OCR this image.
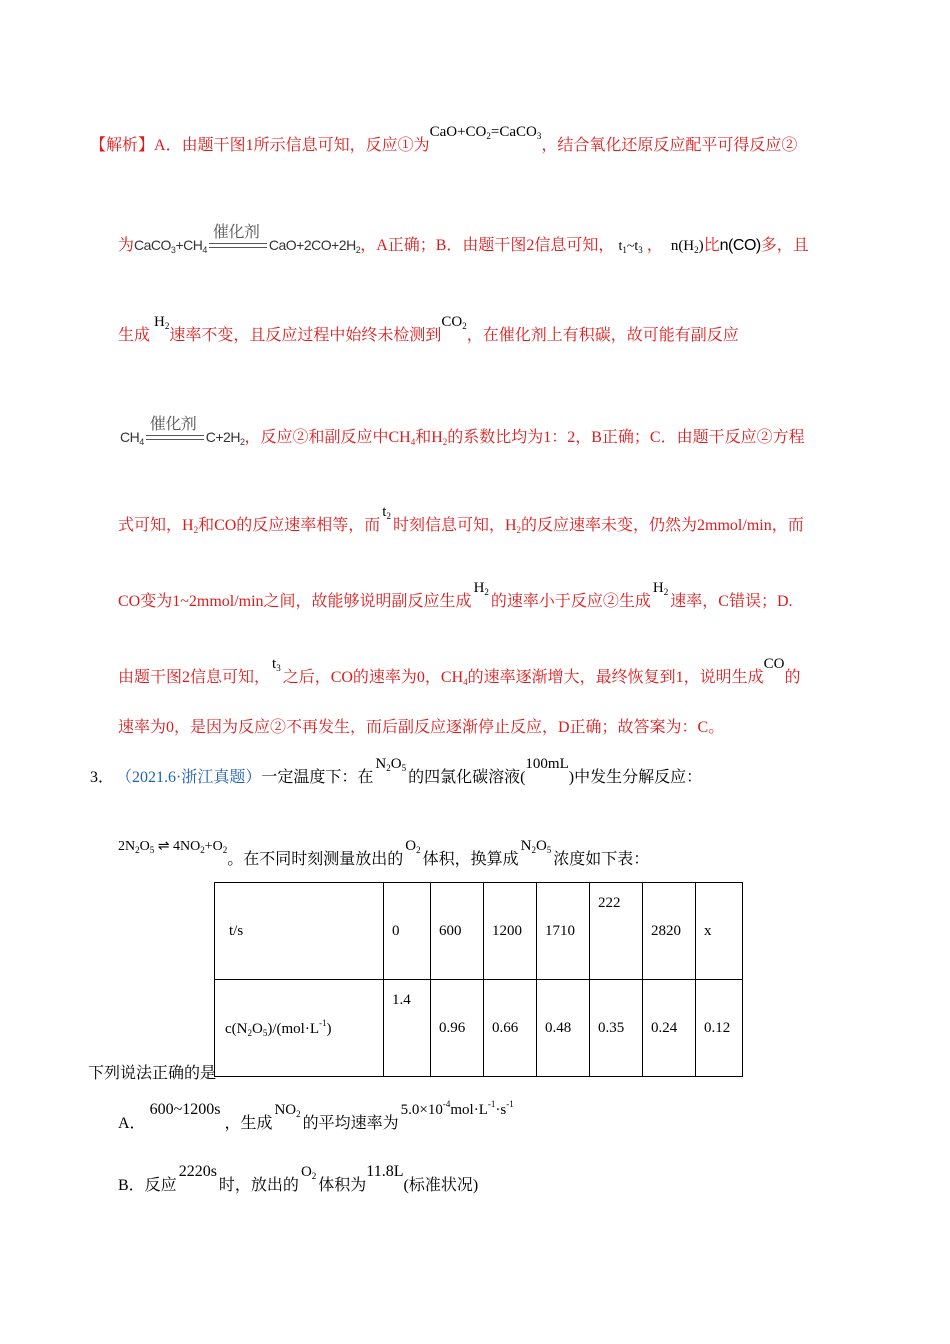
【解析】A．由题干图1所示信息可知，反应①为$CaO+CO_2=CaCO_3$，结合氧化还原反应配平可得反应②
为$CaCO_3+CH_4$
催化剂
$CaO+2CO+2H_2$，A正确；B．由题干图2信息可知， $t_1\sim t_3$ ， $n(H_2)$比n(CO)多，且
生成$H_2$速率不变，且反应过程中始终未检测到$CO_2$，在催化剂上有积碳，故可能有副反应
$CH_4$
催化剂
$C+2H_2$，反应②和副反应中$CH_4$和$H_2$的系数比均为1：2，B正确；C．由题干反应②方程
式可知，$H_2$和CO的反应速率相等，而$t_2$时刻信息可知，$H_2$的反应速率未变，仍然为2mmol/min，而
CO变为1~2mmol/min之间，故能够说明副反应生成$H_2$的速率小于反应②生成$H_2$速率，C错误；D.
由题干图2信息可知，$t_3$之后，CO的速率为0，$CH_4$的速率逐渐增大，最终恢复到1，说明生成CO的
速率为0，是因为反应②不再发生，而后副反应逐渐停止反应，D正确；故答案为：C。
3． （2021.6·浙江真题）一定温度下：在$N_2O_5$的四氯化碳溶液(100mL)中发生分解反应：
$2N_2O_5$ ⇌ $4NO_2+O_2$。在不同时刻测量放出的$O_2$体积，换算成$N_2O_5$浓度如下表：
t/s	0	600	1200	1710	222	2820	x
$c(N_2O_5)/(mol\cdot L^{-1})$	1.4	0.96	0.66	0.48	0.35	0.24	0.12
下列说法正确的是
A．600~1200s，生成$NO_2$的平均速率为$5.0\times 10^{-4}mol\cdot L^{-1}\cdot s^{-1}$
B．反应2220s时，放出的$O_2$体积为11.8L(标准状况)
